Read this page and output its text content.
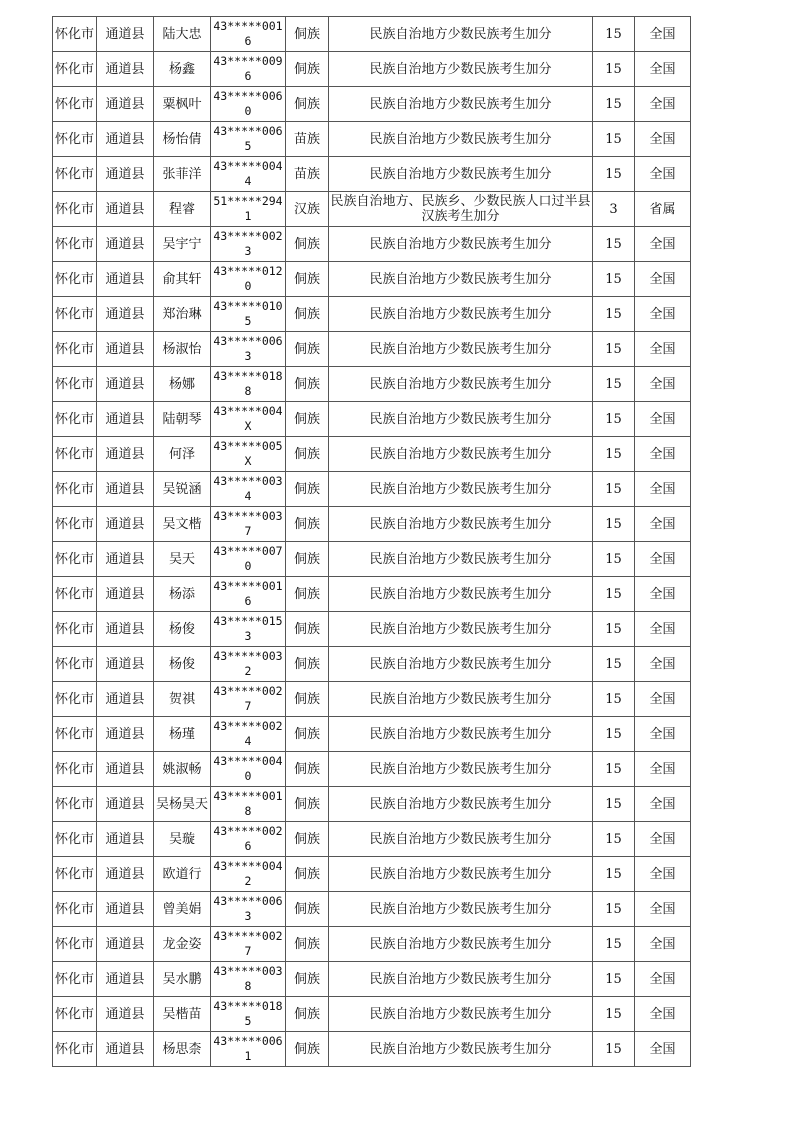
怀化市	通道县	陆大忠	43*****0016	侗族	民族自治地方少数民族考生加分	15	全国
怀化市	通道县	杨鑫	43*****0096	侗族	民族自治地方少数民族考生加分	15	全国
怀化市	通道县	粟枫叶	43*****0060	侗族	民族自治地方少数民族考生加分	15	全国
怀化市	通道县	杨怡倩	43*****0065	苗族	民族自治地方少数民族考生加分	15	全国
怀化市	通道县	张菲洋	43*****0044	苗族	民族自治地方少数民族考生加分	15	全国
怀化市	通道县	程睿	51*****2941	汉族	民族自治地方、民族乡、少数民族人口过半县汉族考生加分	3	省属
怀化市	通道县	吴宇宁	43*****0023	侗族	民族自治地方少数民族考生加分	15	全国
怀化市	通道县	俞其轩	43*****0120	侗族	民族自治地方少数民族考生加分	15	全国
怀化市	通道县	郑治琳	43*****0105	侗族	民族自治地方少数民族考生加分	15	全国
怀化市	通道县	杨淑怡	43*****0063	侗族	民族自治地方少数民族考生加分	15	全国
怀化市	通道县	杨娜	43*****0188	侗族	民族自治地方少数民族考生加分	15	全国
怀化市	通道县	陆朝琴	43*****004X	侗族	民族自治地方少数民族考生加分	15	全国
怀化市	通道县	何泽	43*****005X	侗族	民族自治地方少数民族考生加分	15	全国
怀化市	通道县	吴锐涵	43*****0034	侗族	民族自治地方少数民族考生加分	15	全国
怀化市	通道县	吴文楷	43*****0037	侗族	民族自治地方少数民族考生加分	15	全国
怀化市	通道县	吴天	43*****0070	侗族	民族自治地方少数民族考生加分	15	全国
怀化市	通道县	杨添	43*****0016	侗族	民族自治地方少数民族考生加分	15	全国
怀化市	通道县	杨俊	43*****0153	侗族	民族自治地方少数民族考生加分	15	全国
怀化市	通道县	杨俊	43*****0032	侗族	民族自治地方少数民族考生加分	15	全国
怀化市	通道县	贺祺	43*****0027	侗族	民族自治地方少数民族考生加分	15	全国
怀化市	通道县	杨瑾	43*****0024	侗族	民族自治地方少数民族考生加分	15	全国
怀化市	通道县	姚淑畅	43*****0040	侗族	民族自治地方少数民族考生加分	15	全国
怀化市	通道县	吴杨昊天	43*****0018	侗族	民族自治地方少数民族考生加分	15	全国
怀化市	通道县	吴璇	43*****0026	侗族	民族自治地方少数民族考生加分	15	全国
怀化市	通道县	欧道行	43*****0042	侗族	民族自治地方少数民族考生加分	15	全国
怀化市	通道县	曾美娟	43*****0063	侗族	民族自治地方少数民族考生加分	15	全国
怀化市	通道县	龙金姿	43*****0027	侗族	民族自治地方少数民族考生加分	15	全国
怀化市	通道县	吴水鹏	43*****0038	侗族	民族自治地方少数民族考生加分	15	全国
怀化市	通道县	吴楷苗	43*****0185	侗族	民族自治地方少数民族考生加分	15	全国
怀化市	通道县	杨思柰	43*****0061	侗族	民族自治地方少数民族考生加分	15	全国
